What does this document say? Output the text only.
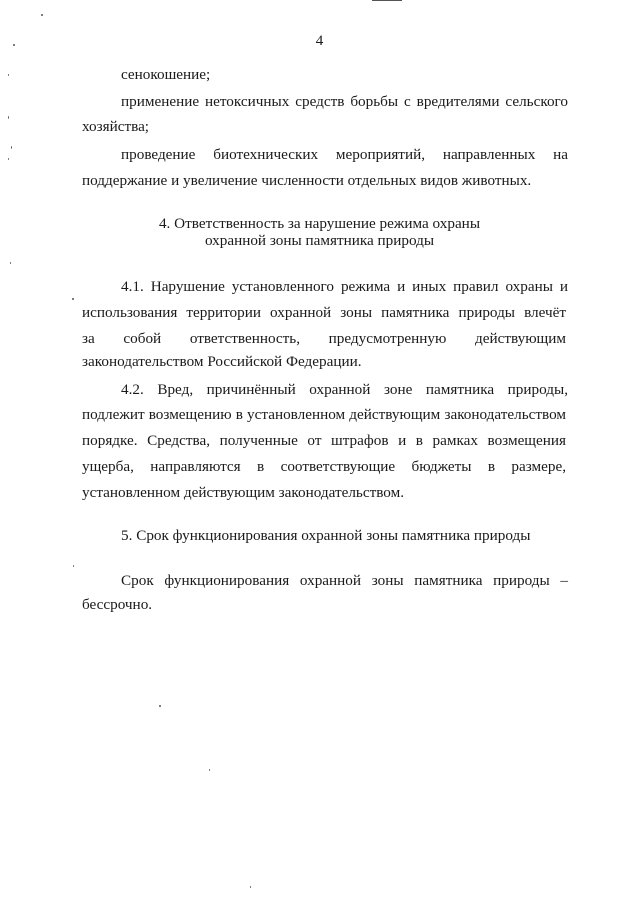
4
сенокошение;
применение нетоксичных средств борьбы с вредителями сельского
хозяйства;
проведение биотехнических мероприятий, направленных на
поддержание и увеличение численности отдельных видов животных.
4. Ответственность за нарушение режима охраны
охранной зоны памятника природы
4.1. Нарушение установленного режима и иных правил охраны и
использования территории охранной зоны памятника природы влечёт
за собой ответственность, предусмотренную действующим
законодательством Российской Федерации.
4.2. Вред, причинённый охранной зоне памятника природы,
подлежит возмещению в установленном действующим законодательством
порядке. Средства, полученные от штрафов и в рамках возмещения
ущерба, направляются в соответствующие бюджеты в размере,
установленном действующим законодательством.
5. Срок функционирования охранной зоны памятника природы
Срок функционирования охранной зоны памятника природы –
бессрочно.
